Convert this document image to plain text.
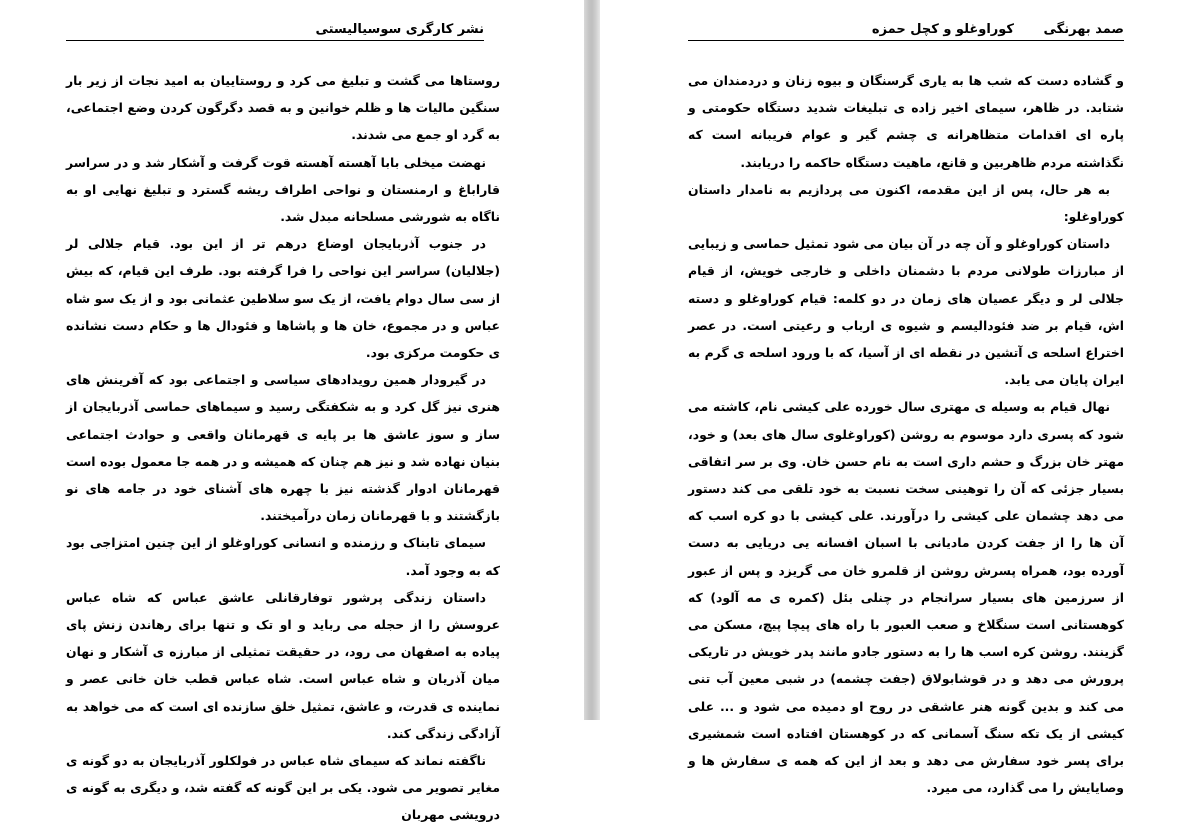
نشر کارگری سوسیالیستی

روستاها می گشت و تبلیغ می کرد و روستاییان به امید نجات از زیر بار سنگین مالیات ها و ظلم خوانین و به قصد دگرگون کردن وضع اجتماعی، به گرد او جمع می شدند.

نهضت میخلی بابا آهسته آهسته قوت گرفت و آشکار شد و در سراسر قاراباغ و ارمنستان و نواحی اطراف ریشه گسترد و تبلیغ نهایی او به ناگاه به شورشی مسلحانه مبدل شد.

در جنوب آذربایجان اوضاع درهم تر از این بود. قیام جلالی لر (جلالیان) سراسر این نواحی را فرا گرفته بود. طرف این قیام، که بیش از سی سال دوام یافت، از یک سو سلاطین عثمانی بود و از یک سو شاه عباس و در مجموع، خان ها و پاشاها و فئودال ها و حکام دست نشانده ی حکومت مرکزی بود.

در گیرودار همین رویدادهای سیاسی و اجتماعی بود که آفرینش های هنری نیز گل کرد و به شکفتگی رسید و سیماهای حماسی آذربایجان از ساز و سوز عاشق ها بر پایه ی قهرمانان واقعی و حوادث اجتماعی بنیان نهاده شد و نیز هم چنان که همیشه و در همه جا معمول بوده است قهرمانان ادوار گذشته نیز با چهره های آشنای خود در جامه های نو بازگشتند و با قهرمانان زمان درآمیختند.

سیمای تابناک و رزمنده و انسانی کوراوغلو از این چنین امتزاجی بود که به وجود آمد.

داستان زندگی پرشور توفارقانلی عاشق عباس که شاه عباس عروسش را از حجله می رباید و او تک و تنها برای رهاندن زنش پای پیاده به اصفهان می رود، در حقیقت تمثیلی از مبارزه ی آشکار و نهان میان آذریان و شاه عباس است. شاه عباس قطب خان خانی عصر و نماینده ی قدرت، و عاشق، تمثیل خلق سازنده ای است که می خواهد به آزادگی زندگی کند.

ناگفته نماند که سیمای شاه عباس در فولکلور آذربایجان به دو گونه ی مغایر تصویر می شود. یکی بر این گونه که گفته شد، و دیگری به گونه ی درویشی مهربان

صمد بهرنگی
کوراوغلو و کچل حمزه

و گشاده دست که شب ها به یاری گرسنگان و بیوه زنان و دردمندان می شتابد. در ظاهر، سیمای اخیر زاده ی تبلیغات شدید دستگاه حکومتی و پاره ای اقدامات متظاهرانه ی چشم گیر و عوام فریبانه است که نگذاشته مردم ظاهربین و قانع، ماهیت دستگاه حاکمه را دریابند.

به هر حال، پس از این مقدمه، اکنون می پردازیم به نامدار داستان کوراوغلو:

داستان کوراوغلو و آن چه در آن بیان می شود تمثیل حماسی و زیبایی از مبارزات طولانی مردم با دشمنان داخلی و خارجی خویش، از قیام جلالی لر و دیگر عصیان های زمان در دو کلمه: قیام کوراوغلو و دسته اش، قیام بر ضد فئودالیسم و شیوه ی ارباب و رعیتی است. در عصر اختراع اسلحه ی آتشین در نقطه ای از آسیا، که با ورود اسلحه ی گرم به ایران پایان می یابد.

نهال قیام به وسیله ی مهتری سال خورده علی کیشی نام، کاشته می شود که پسری دارد موسوم به روشن (کوراوغلوی سال های بعد) و خود، مهتر خان بزرگ و حشم داری است به نام حسن خان. وی بر سر اتفاقی بسیار جزئی که آن را توهینی سخت نسبت به خود تلقی می کند دستور می دهد چشمان علی کیشی را درآورند. علی کیشی با دو کره اسب که آن ها را از جفت کردن مادیانی با اسبان افسانه یی دریایی به دست آورده بود، همراه پسرش روشن از قلمرو خان می گریزد و پس از عبور از سرزمین های بسیار سرانجام در چنلی بئل (کمره ی مه آلود) که کوهستانی است سنگلاخ و صعب العبور با راه های پیچا پیچ، مسکن می گزینند. روشن کره اسب ها را به دستور جادو مانند پدر خویش در تاریکی پرورش می دهد و در قوشابولاق (جفت چشمه) در شبی معین آب تنی می کند و بدین گونه هنر عاشقی در روح او دمیده می شود و ... علی کیشی از یک تکه سنگ آسمانی که در کوهستان افتاده است شمشیری برای پسر خود سفارش می دهد و بعد از این که همه ی سفارش ها و وصایایش را می گذارد، می میرد.
